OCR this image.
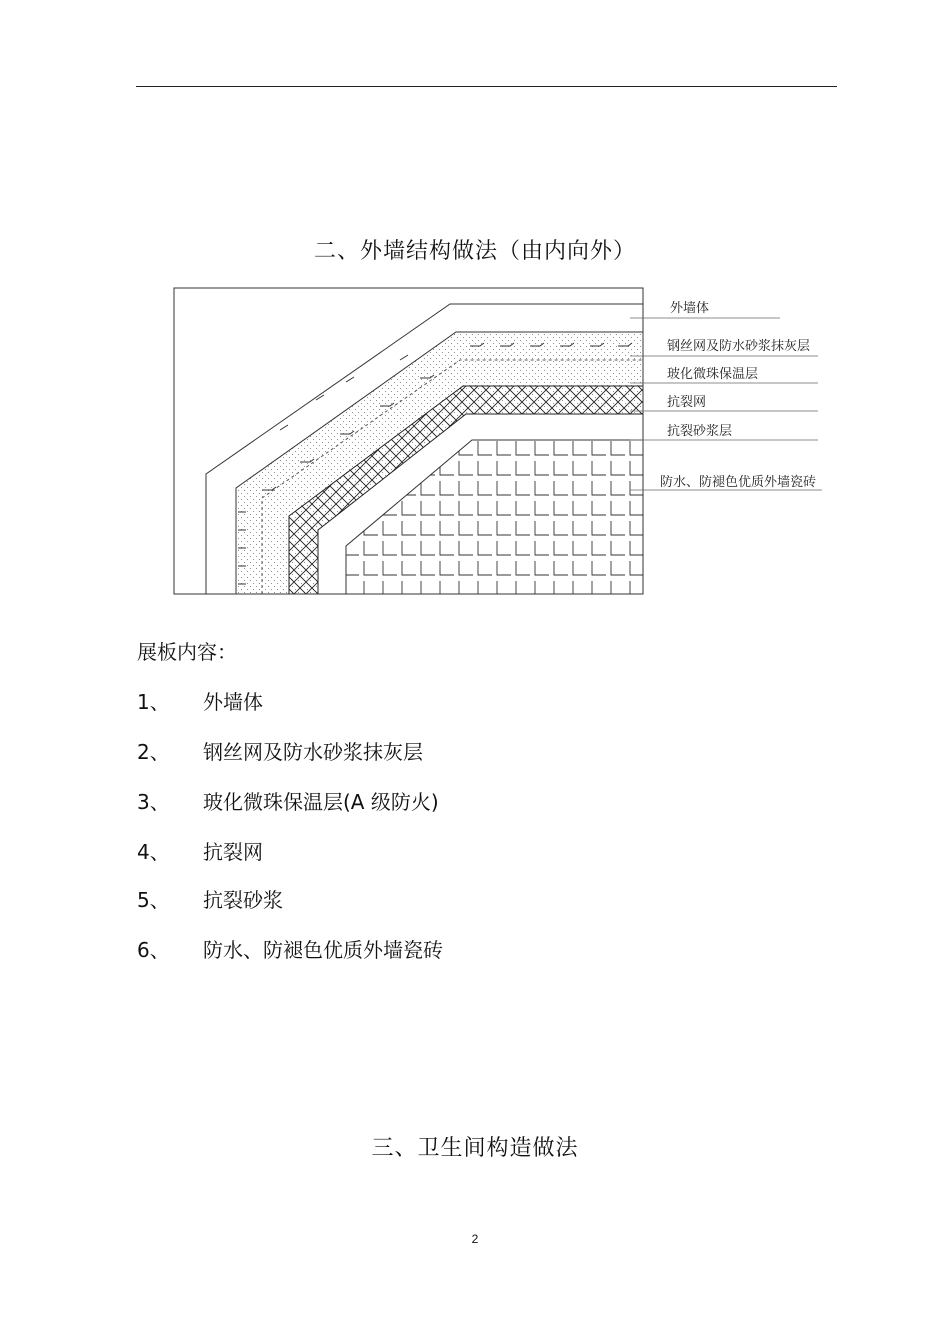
二、外墙结构做法（由内向外）
外墙体
钢丝网及防水砂浆抹灰层
玻化微珠保温层
抗裂网
抗裂砂浆层
防水、防褪色优质外墙瓷砖
展板内容：
1、 外墙体
2、 钢丝网及防水砂浆抹灰层
3、 玻化微珠保温层(A 级防火)
4、 抗裂网
5、 抗裂砂浆
6、 防水、防褪色优质外墙瓷砖
三、卫生间构造做法
2
